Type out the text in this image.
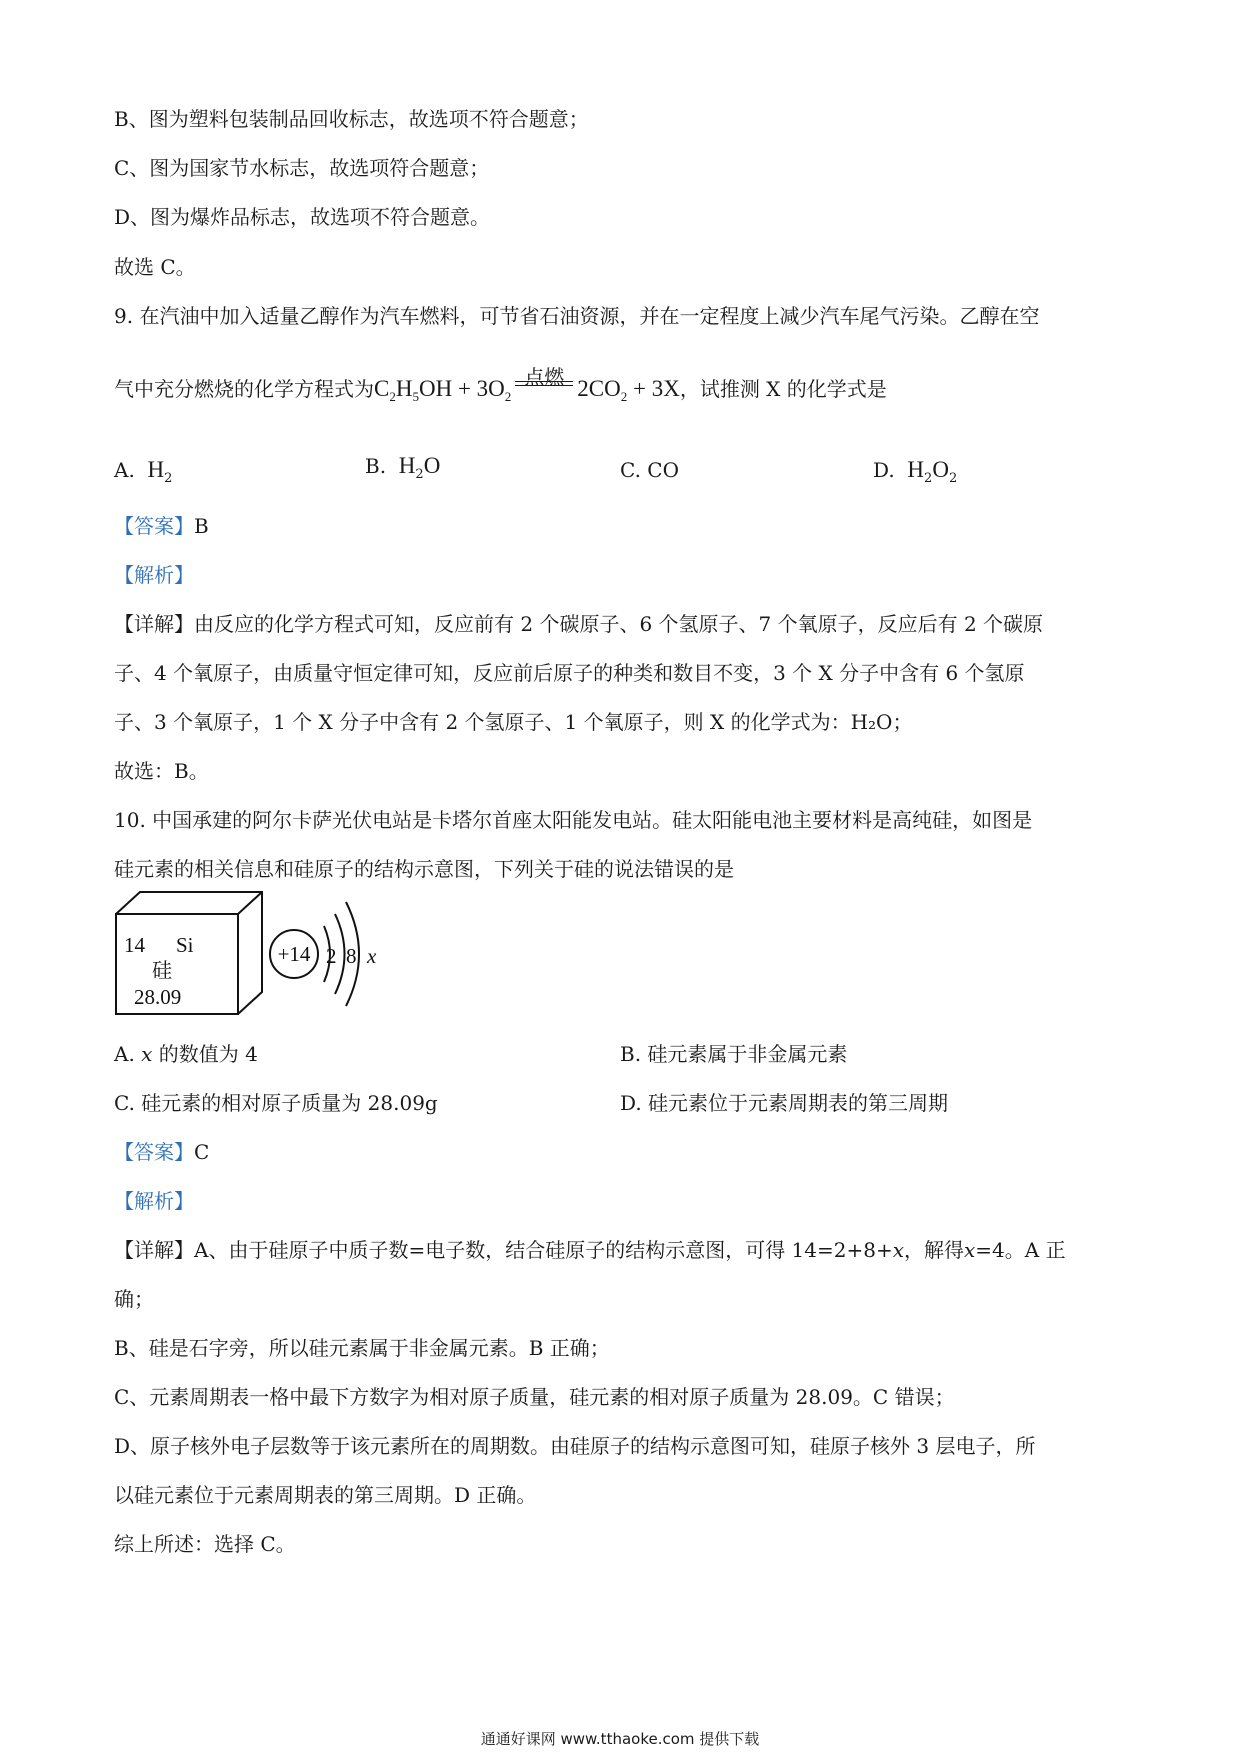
B、图为塑料包装制品回收标志，故选项不符合题意；
C、图为国家节水标志，故选项符合题意；
D、图为爆炸品标志，故选项不符合题意。
故选 C。
9. 在汽油中加入适量乙醇作为汽车燃料，可节省石油资源，并在一定程度上减少汽车尾气污染。乙醇在空
气中充分燃烧的化学方程式为$C_2H_5OH + 3O_2$
点燃 $2CO_2 + 3X$，试推测 X 的化学式是
A. $H_2$
B. $H_2O$	C. CO	D. $H_2O_2$
【答案】B
【解析】
【详解】由反应的化学方程式可知，反应前有 2 个碳原子、6 个氢原子、7 个氧原子，反应后有 2 个碳原
子、4 个氧原子，由质量守恒定律可知，反应前后原子的种类和数目不变，3 个 X 分子中含有 6 个氢原
子、3 个氧原子，1 个 X 分子中含有 2 个氢原子、1 个氧原子，则 X 的化学式为：H₂O；
故选：B。
10. 中国承建的阿尔卡萨光伏电站是卡塔尔首座太阳能发电站。硅太阳能电池主要材料是高纯硅，如图是
硅元素的相关信息和硅原子的结构示意图，下列关于硅的说法错误的是
14 Si
硅
28.09
+14 2 8 x
A. x 的数值为 4	B. 硅元素属于非金属元素
C. 硅元素的相对原子质量为 28.09g	D. 硅元素位于元素周期表的第三周期
【答案】C
【解析】
【详解】A、由于硅原子中质子数=电子数，结合硅原子的结构示意图，可得 14=2+8+x，解得x=4。A 正
确；
B、硅是石字旁，所以硅元素属于非金属元素。B 正确；
C、元素周期表一格中最下方数字为相对原子质量，硅元素的相对原子质量为 28.09。C 错误；
D、原子核外电子层数等于该元素所在的周期数。由硅原子的结构示意图可知，硅原子核外 3 层电子，所
以硅元素位于元素周期表的第三周期。D 正确。
综上所述：选择 C。
通通好课网 www.tthaoke.com 提供下载
